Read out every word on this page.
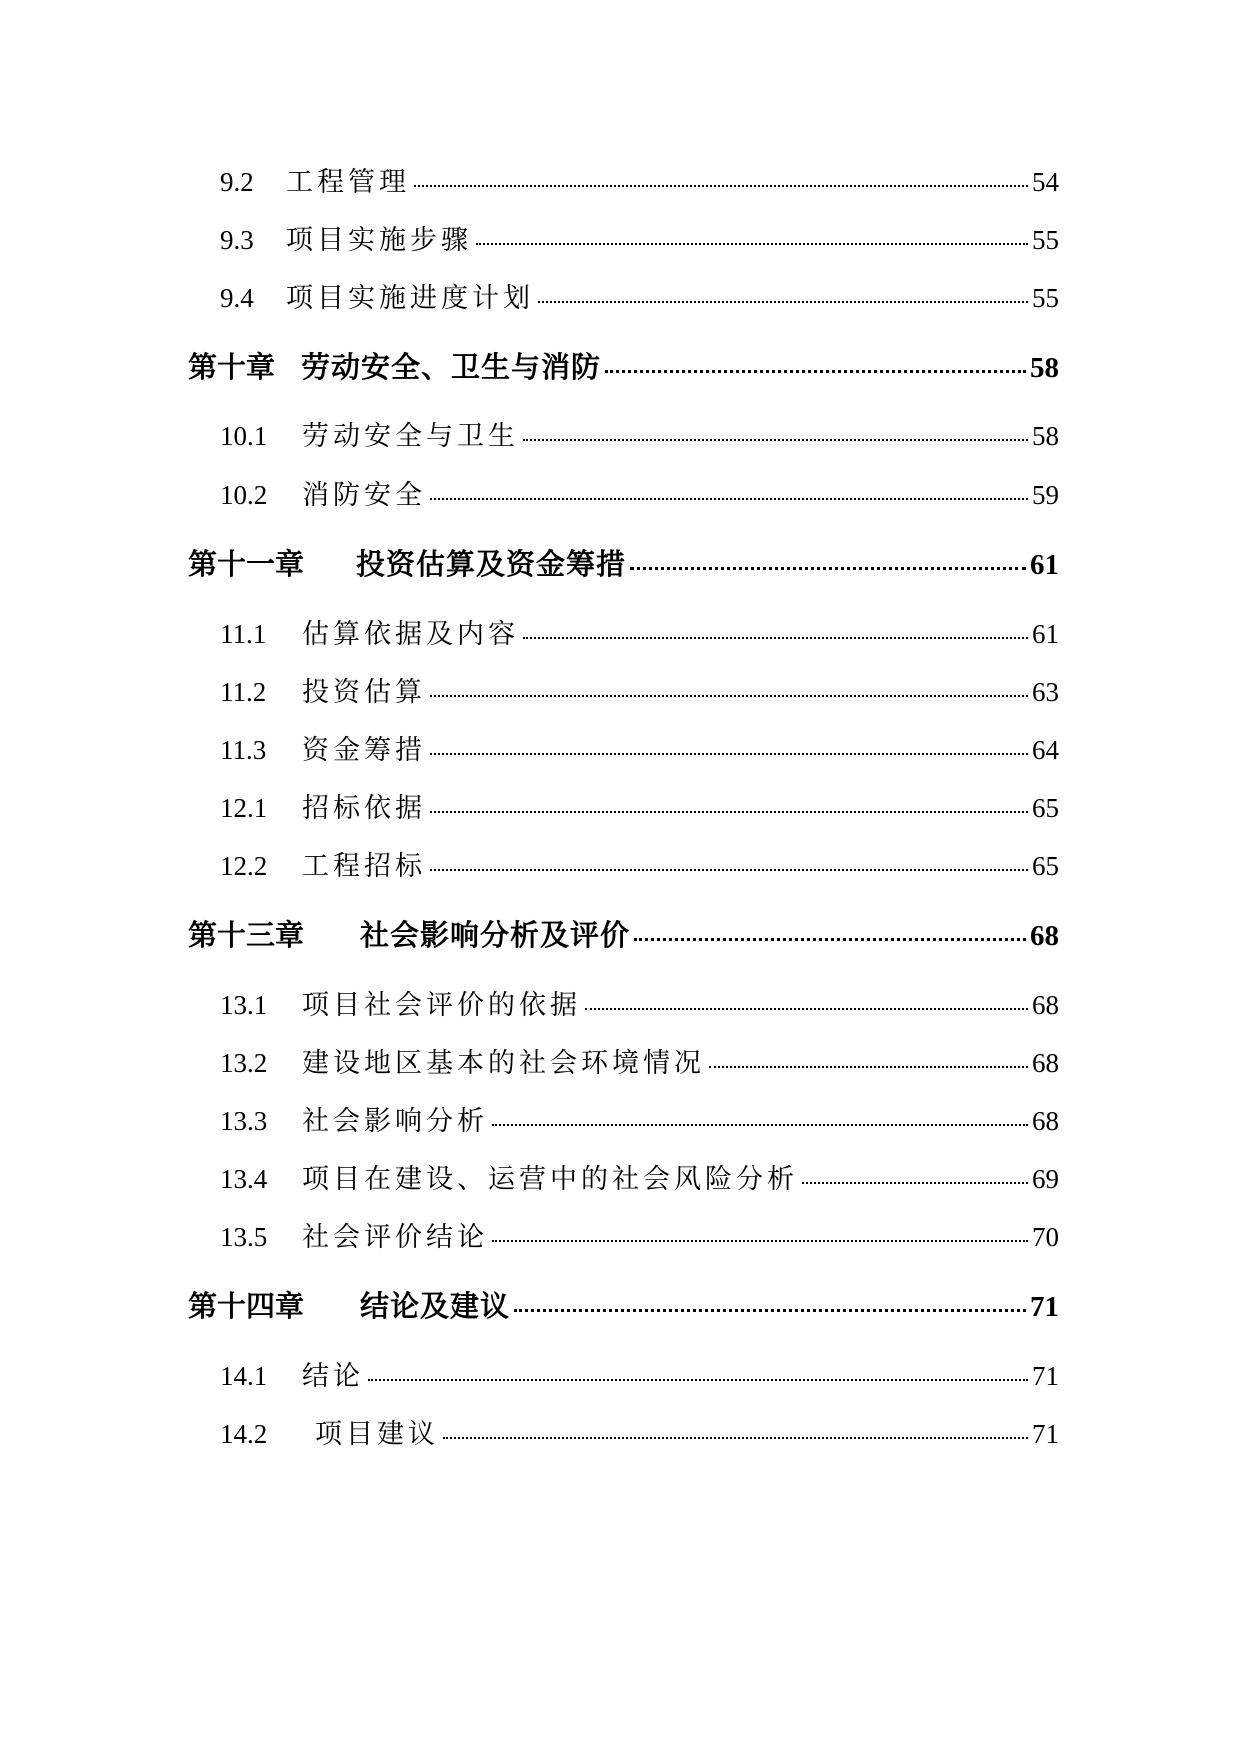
9.2	工程管理	54
9.3	项目实施步骤	55
9.4	项目实施进度计划	55
第十章 劳动安全、卫生与消防	58
10.1	劳动安全与卫生	58
10.2	消防安全	59
第十一章 投资估算及资金筹措	61
11.1	估算依据及内容	61
11.2	投资估算	63
11.3	资金筹措	64
12.1	招标依据	65
12.2	工程招标	65
第十三章 社会影响分析及评价	68
13.1	项目社会评价的依据	68
13.2	建设地区基本的社会环境情况	68
13.3	社会影响分析	68
13.4	项目在建设、运营中的社会风险分析	69
13.5	社会评价结论	70
第十四章 结论及建议	71
14.1	结论	71
14.2	项目建议	71
